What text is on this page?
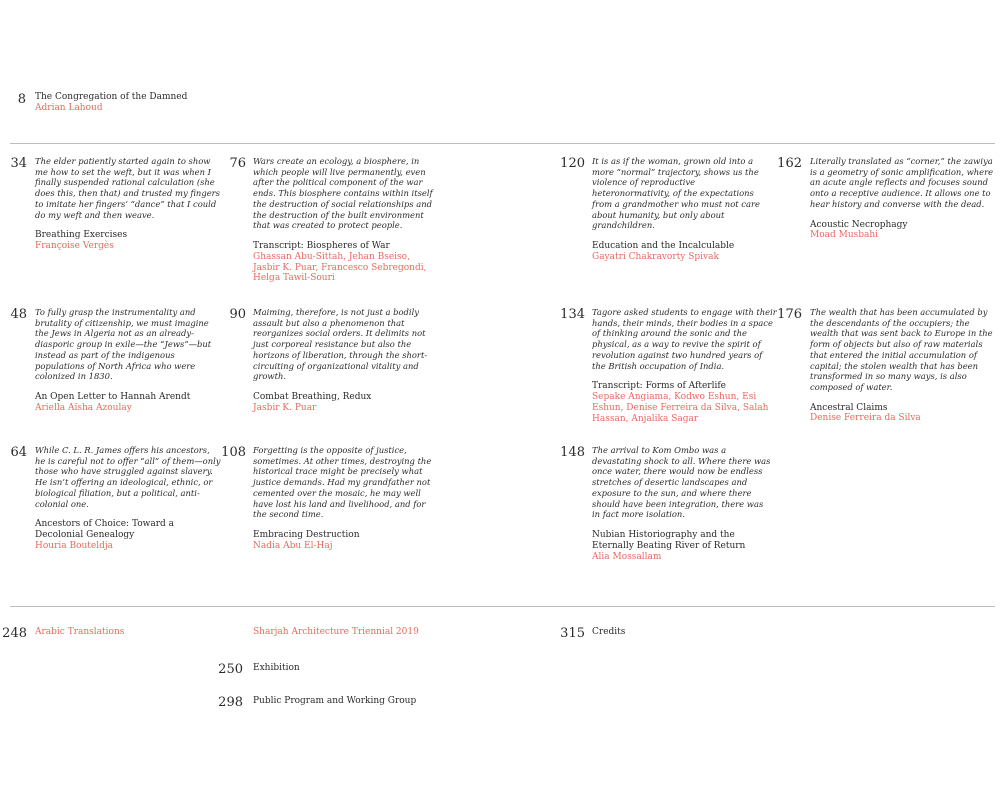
8 The Congregation of the Damned
Adrian Lahoud
34 The elder patiently started again to show me how to set the weft, but it was when I finally suspended rational calculation (she does this, then that) and trusted my fingers to imitate her fingers’ “dance” that I could do my weft and then weave.
Breathing Exercises
Françoise Vergès
76 Wars create an ecology, a biosphere, in which people will live permanently, even after the political component of the war ends. This biosphere contains within itself the destruction of social relationships and the destruction of the built environment that was created to protect people.
Transcript: Biospheres of War
Ghassan Abu-Sittah, Jehan Bseiso, Jasbir K. Puar, Francesco Sebregondi, Helga Tawil-Souri
120 It is as if the woman, grown old into a more “normal” trajectory, shows us the violence of reproductive heteronormativity, of the expectations from a grandmother who must not care about humanity, but only about grandchildren.
Education and the Incalculable
Gayatri Chakravorty Spivak
162 Literally translated as “corner,” the zawiya is a geometry of sonic amplification, where an acute angle reflects and focuses sound onto a receptive audience. It allows one to hear history and converse with the dead.
Acoustic Necrophagy
Moad Musbahi
48 To fully grasp the instrumentality and brutality of citizenship, we must imagine the Jews in Algeria not as an already-diasporic group in exile—the “Jews”—but instead as part of the indigenous populations of North Africa who were colonized in 1830.
An Open Letter to Hannah Arendt
Ariella Aïsha Azoulay
90 Maiming, therefore, is not just a bodily assault but also a phenomenon that reorganizes social orders. It delimits not just corporeal resistance but also the horizons of liberation, through the short-circuiting of organizational vitality and growth.
Combat Breathing, Redux
Jasbir K. Puar
134 Tagore asked students to engage with their hands, their minds, their bodies in a space of thinking around the sonic and the physical, as a way to revive the spirit of revolution against two hundred years of the British occupation of India.
Transcript: Forms of Afterlife
Sepake Angiama, Kodwo Eshun, Esi Eshun, Denise Ferreira da Silva, Salah Hassan, Anjalika Sagar
176 The wealth that has been accumulated by the descendants of the occupiers; the wealth that was sent back to Europe in the form of objects but also of raw materials that entered the initial accumulation of capital; the stolen wealth that has been transformed in so many ways, is also composed of water.
Ancestral Claims
Denise Ferreira da Silva
64 While C. L. R. James offers his ancestors, he is careful not to offer “all” of them—only those who have struggled against slavery. He isn’t offering an ideological, ethnic, or biological filiation, but a political, anti-colonial one.
Ancestors of Choice: Toward a Decolonial Genealogy
Houria Bouteldja
108 Forgetting is the opposite of justice, sometimes. At other times, destroying the historical trace might be precisely what justice demands. Had my grandfather not cemented over the mosaic, he may well have lost his land and livelihood, and for the second time.
Embracing Destruction
Nadia Abu El-Haj
148 The arrival to Kom Ombo was a devastating shock to all. Where there was once water, there would now be endless stretches of desertic landscapes and exposure to the sun, and where there should have been integration, there was in fact more isolation.
Nubian Historiography and the Eternally Beating River of Return
Alia Mossallam
248 Arabic Translations	Sharjah Architecture Triennial 2019
250 Exhibition
298 Public Program and Working Group
315 Credits
